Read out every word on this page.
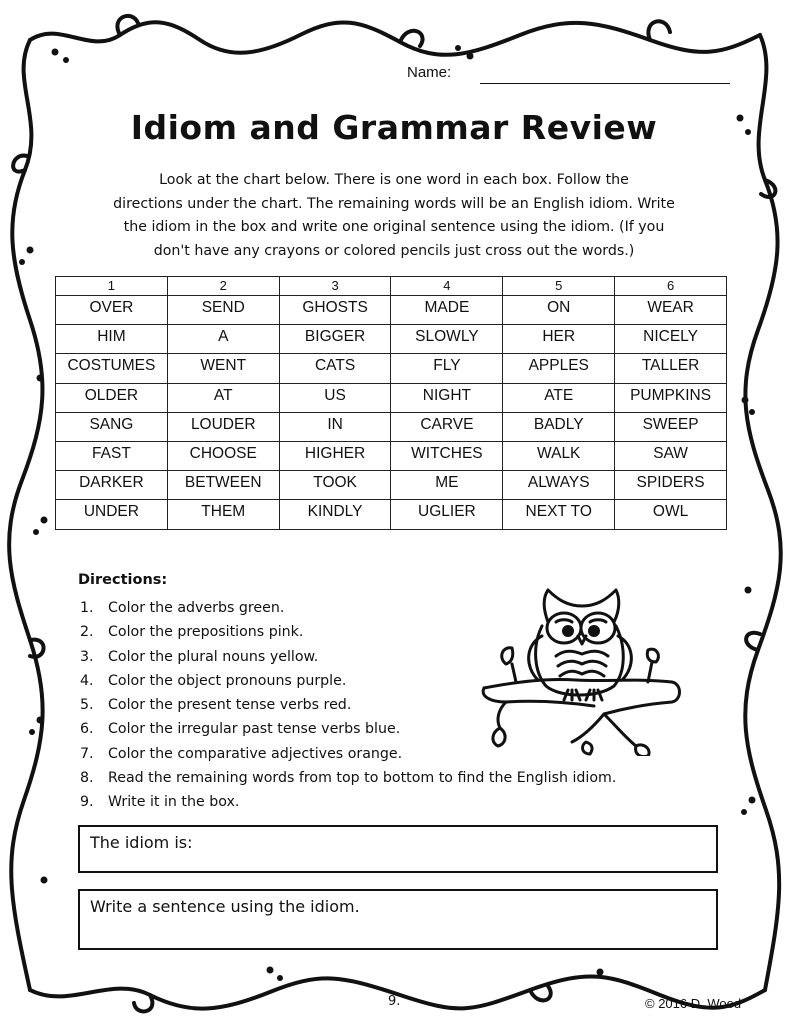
Name:
Idiom and Grammar Review
Look at the chart below. There is one word in each box. Follow the
directions under the chart. The remaining words will be an English idiom. Write
the idiom in the box and write one original sentence using the idiom. (If you
don't have any crayons or colored pencils just cross out the words.)
1	2	3	4	5	6
OVER	SEND	GHOSTS	MADE	ON	WEAR
HIM	A	BIGGER	SLOWLY	HER	NICELY
COSTUMES	WENT	CATS	FLY	APPLES	TALLER
OLDER	AT	US	NIGHT	ATE	PUMPKINS
SANG	LOUDER	IN	CARVE	BADLY	SWEEP
FAST	CHOOSE	HIGHER	WITCHES	WALK	SAW
DARKER	BETWEEN	TOOK	ME	ALWAYS	SPIDERS
UNDER	THEM	KINDLY	UGLIER	NEXT TO	OWL
Directions:
1.	Color the adverbs green.
2.	Color the prepositions pink.
3.	Color the plural nouns yellow.
4.	Color the object pronouns purple.
5.	Color the present tense verbs red.
6.	Color the irregular past tense verbs blue.
7.	Color the comparative adjectives orange.
8.	Read the remaining words from top to bottom to find the English idiom.
9.	Write it in the box.
The idiom is:
Write a sentence using the idiom.
9.	© 2016 D. Wood
